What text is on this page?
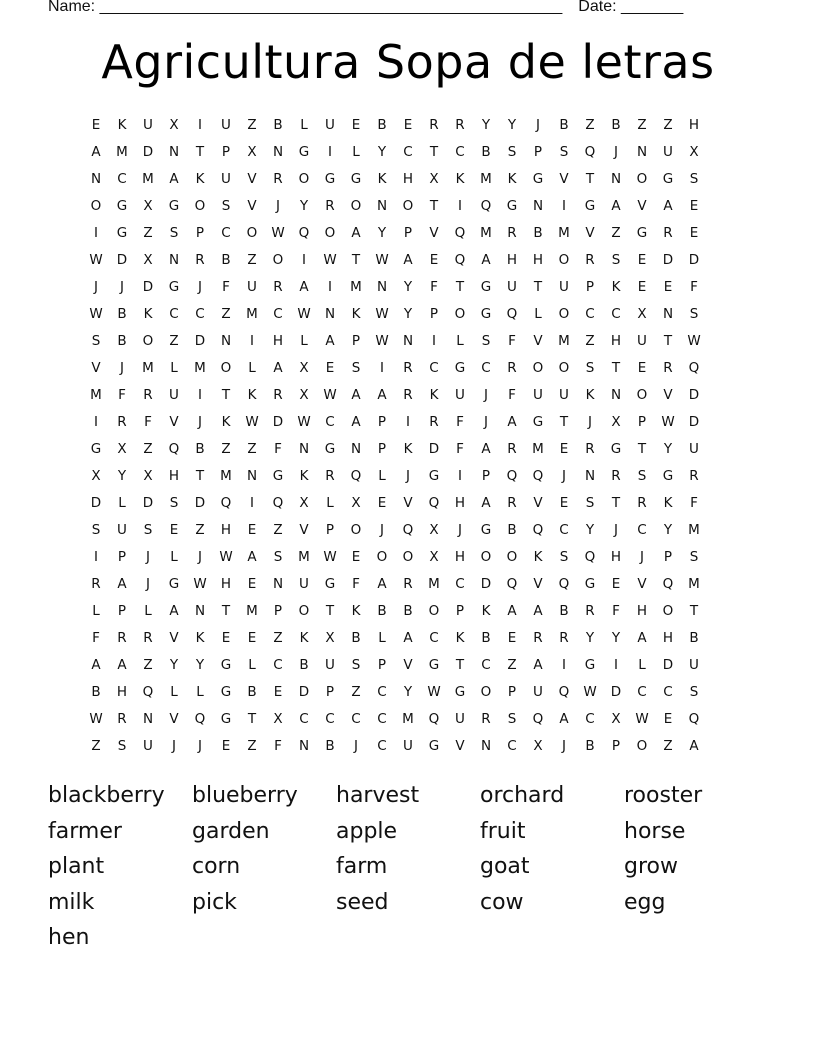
Name: ____________________________________________________ Date: _______
Agricultura Sopa de letras
E	K	U	X	I	U	Z	B	L	U	E	B	E	R	R	Y	Y	J	B	Z	B	Z	Z	H
A	M	D	N	T	P	X	N	G	I	L	Y	C	T	C	B	S	P	S	Q	J	N	U	X
N	C	M	A	K	U	V	R	O	G	G	K	H	X	K	M	K	G	V	T	N	O	G	S
O	G	X	G	O	S	V	J	Y	R	O	N	O	T	I	Q	G	N	I	G	A	V	A	E
I	G	Z	S	P	C	O	W	Q	O	A	Y	P	V	Q	M	R	B	M	V	Z	G	R	E
W	D	X	N	R	B	Z	O	I	W	T	W	A	E	Q	A	H	H	O	R	S	E	D	D
J	J	D	G	J	F	U	R	A	I	M	N	Y	F	T	G	U	T	U	P	K	E	E	F
W	B	K	C	C	Z	M	C	W	N	K	W	Y	P	O	G	Q	L	O	C	C	X	N	S
S	B	O	Z	D	N	I	H	L	A	P	W	N	I	L	S	F	V	M	Z	H	U	T	W
V	J	M	L	M	O	L	A	X	E	S	I	R	C	G	C	R	O	O	S	T	E	R	Q
M	F	R	U	I	T	K	R	X	W	A	A	R	K	U	J	F	U	U	K	N	O	V	D
I	R	F	V	J	K	W	D	W	C	A	P	I	R	F	J	A	G	T	J	X	P	W	D
G	X	Z	Q	B	Z	Z	F	N	G	N	P	K	D	F	A	R	M	E	R	G	T	Y	U
X	Y	X	H	T	M	N	G	K	R	Q	L	J	G	I	P	Q	Q	J	N	R	S	G	R
D	L	D	S	D	Q	I	Q	X	L	X	E	V	Q	H	A	R	V	E	S	T	R	K	F
S	U	S	E	Z	H	E	Z	V	P	O	J	Q	X	J	G	B	Q	C	Y	J	C	Y	M
I	P	J	L	J	W	A	S	M W	E	O	O	X	H	O	O	K	S	Q	H	J	P	S
R	A	J	G	W	H	E	N	U	G	F	A	R	M	C	D	Q	V	Q	G	E	V	Q	M
L	P	L	A	N	T	M	P	O	T	K	B	B	O	P	K	A	A	B	R	F	H	O	T
F	R	R	V	K	E	E	Z	K	X	B	L	A	C	K	B	E	R	R	Y	Y	A	H	B
A	A	Z	Y	Y	G	L	C	B	U	S	P	V	G	T	C	Z	A	I	G	I	L	D	U
B	H	Q	L	L	G	B	E	D	P	Z	C	Y	W	G	O	P	U	Q	W	D	C	C	S
W	R	N	V	Q	G	T	X	C	C	C	C	M	Q	U	R	S	Q	A	C	X	W	E	Q
Z	S	U	J	J	E	Z	F	N	B	J	C	U	G	V	N	C	X	J	B	P	O	Z	A
blackberry	blueberry	harvest	orchard	rooster
farmer	garden	apple	fruit	horse
plant	corn	farm	goat	grow
milk	pick	seed	cow	egg
hen
